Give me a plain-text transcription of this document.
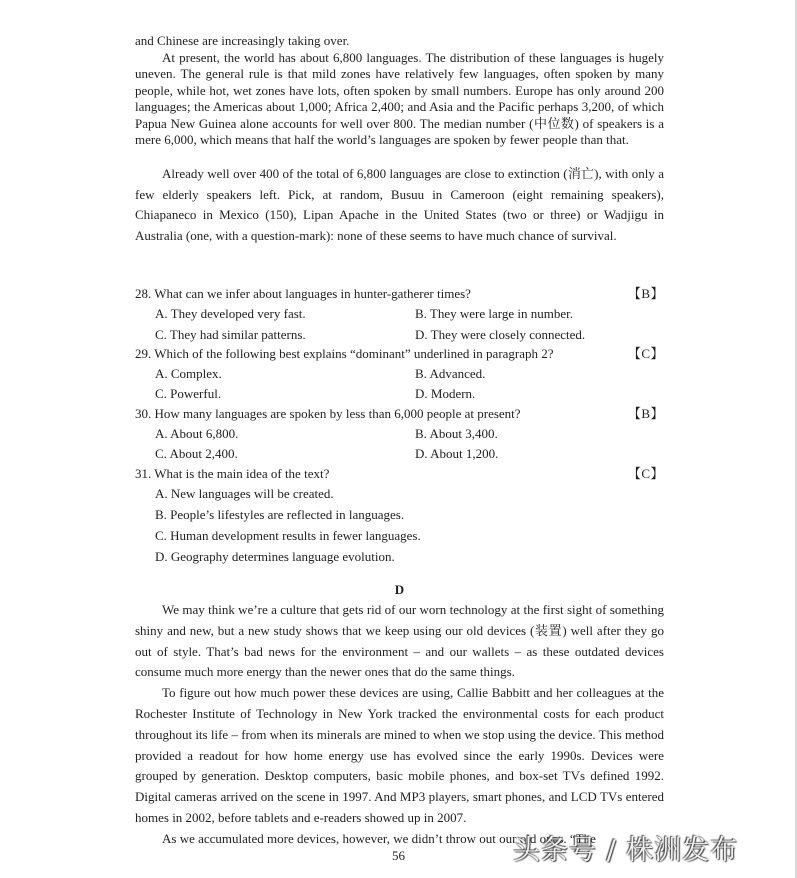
and Chinese are increasingly taking over.

At present, the world has about 6,800 languages. The distribution of these languages is hugely uneven. The general rule is that mild zones have relatively few languages, often spoken by many people, while hot, wet zones have lots, often spoken by small numbers. Europe has only around 200 languages; the Americas about 1,000; Africa 2,400; and Asia and the Pacific perhaps 3,200, of which Papua New Guinea alone accounts for well over 800. The median number (中位数) of speakers is a mere 6,000, which means that half the world’s languages are spoken by fewer people than that.

Already well over 400 of the total of 6,800 languages are close to extinction (消亡), with only a few elderly speakers left. Pick, at random, Busuu in Cameroon (eight remaining speakers), Chiapaneco in Mexico (150), Lipan Apache in the United States (two or three) or Wadjigu in Australia (one, with a question-mark): none of these seems to have much chance of survival.

28. What can we infer about languages in hunter-gatherer times?	【B】
A. They developed very fast.	B. They were large in number.
C. They had similar patterns.	D. They were closely connected.
29. Which of the following best explains “dominant” underlined in paragraph 2?	【C】
A. Complex.	B. Advanced.
C. Powerful.	D. Modern.
30. How many languages are spoken by less than 6,000 people at present?	【B】
A. About 6,800.	B. About 3,400.
C. About 2,400.	D. About 1,200.
31. What is the main idea of the text?	【C】
A. New languages will be created.
B. People’s lifestyles are reflected in languages.
C. Human development results in fewer languages.
D. Geography determines language evolution.
D

We may think we’re a culture that gets rid of our worn technology at the first sight of something shiny and new, but a new study shows that we keep using our old devices (装置) well after they go out of style. That’s bad news for the environment – and our wallets – as these outdated devices consume much more energy than the newer ones that do the same things.

To figure out how much power these devices are using, Callie Babbitt and her colleagues at the Rochester Institute of Technology in New York tracked the environmental costs for each product throughout its life – from when its minerals are mined to when we stop using the device. This method provided a readout for how home energy use has evolved since the early 1990s. Devices were grouped by generation. Desktop computers, basic mobile phones, and box-set TVs defined 1992. Digital cameras arrived on the scene in 1997. And MP3 players, smart phones, and LCD TVs entered homes in 2002, before tablets and e-readers showed up in 2007.

As we accumulated more devices, however, we didn’t throw out our old ones. “The

56	头条号 / 株洲发布
